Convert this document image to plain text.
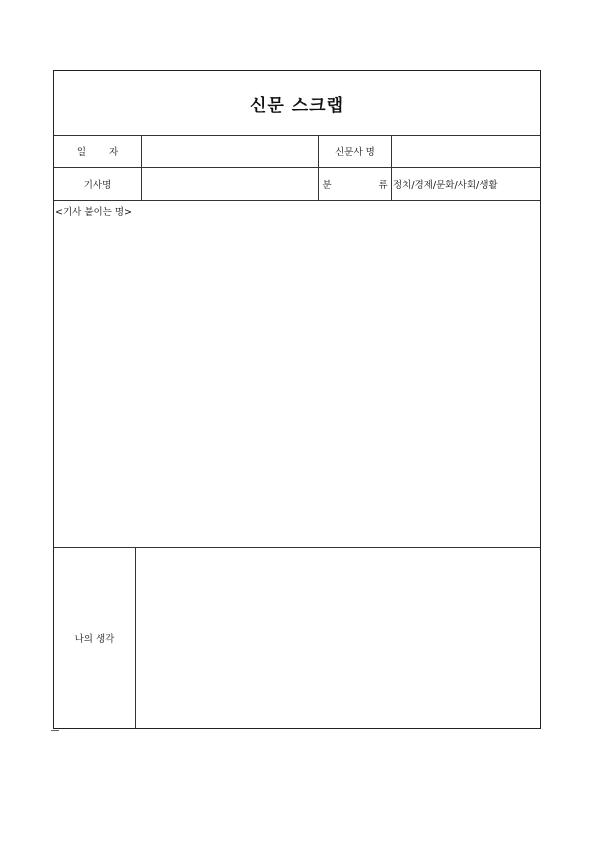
신문 스크랩
일 자	신문사 명
기사명	분 류
정치/경제/문화/사회/생활
<기사 붙이는 명>
나의 생각
